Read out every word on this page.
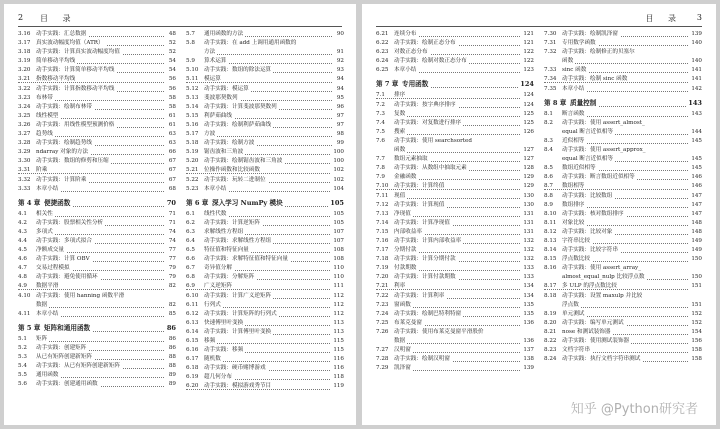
2 目 录
3.16 动手实践：汇总数据	48
3.17 真实波动幅度均值（ATR）	52
3.18 动手实践：计算真实波动幅度均值	52
3.19 简单移动平均线	54
3.20 动手实践：计算简单移动平均线	54
3.21 指数移动平均线	56
3.22 动手实践：计算指数移动平均线	56
3.23 布林带	58
3.24 动手实践：绘制布林带	58
3.25 线性模型	61
3.26 动手实践：用线性模型预测价格	61
3.27 趋势线	63
3.28 动手实践：绘制趋势线	63
3.29 ndarray 对象的方法	66
3.30 动手实践：数组的修剪和压缩	67
3.31 阶乘	67
3.32 动手实践：计算阶乘	67
3.33 本章小结	68
第 4 章 便捷函数	70
4.1 相关性	71
4.2 动手实践：股票相关性分析	71
4.3 多项式	74
4.4 动手实践：多项式拟合	74
4.5 净额成交量	77
4.6 动手实践：计算 OBV	77
4.7 交易过程模拟	79
4.8 动手实践：避免使用循环	79
4.9 数据平滑	82
4.10 动手实践：使用 hanning 函数平滑
数据	82
4.11 本章小结	85
第 5 章 矩阵和通用函数	86
5.1 矩阵	86
5.2 动手实践：创建矩阵	86
5.3 从已有矩阵创建新矩阵	88
5.4 动手实践：从已有矩阵创建新矩阵	88
5.5 通用函数	89
5.6 动手实践：创建通用函数	89
5.7 通用函数的方法	90
5.8 动手实践：在 add 上调用通用函数的
方法	91
5.9 算术运算	92
5.10 动手实践：数组的除法运算	93
5.11 模运算	94
5.12 动手实践：模运算	94
5.13 斐波那契数列	95
5.14 动手实践：计算斐波那契数列	96
5.15 利萨茹曲线	97
5.16 动手实践：绘制利萨茹曲线	97
5.17 方波	98
5.18 动手实践：绘制方波	99
5.19 锯齿波和三角波	100
5.20 动手实践：绘制锯齿波和三角波	100
5.21 位操作函数和比较函数	102
5.22 动手实践：玩转二进制位	102
5.23 本章小结	104
第 6 章 深入学习 NumPy 模块	105
6.1 线性代数	105
6.2 动手实践：计算逆矩阵	105
6.3 求解线性方程组	107
6.4 动手实践：求解线性方程组	107
6.5 特征值和特征向量	108
6.6 动手实践：求解特征值和特征向量	108
6.7 奇异值分解	110
6.8 动手实践：分解矩阵	110
6.9 广义逆矩阵	111
6.10 动手实践：计算广义逆矩阵	112
6.11 行列式	112
6.12 动手实践：计算矩阵的行列式	112
6.13 快速傅里叶变换	113
6.14 动手实践：计算傅里叶变换	113
6.15 移频	115
6.16 动手实践：移频	115
6.17 随机数	116
6.18 动手实践：硬币赌博游戏	116
6.19 超几何分布	118
6.20 动手实践：模拟游戏秀节目	119
目 录 3
6.21 连续分布	121
6.22 动手实践：绘制正态分布	121
6.23 对数正态分布	122
6.24 动手实践：绘制对数正态分布	122
6.25 本章小结	123
第 7 章 专用函数	124
7.1 排序	124
7.2 动手实践：按字典序排序	124
7.3 复数	125
7.4 动手实践：对复数进行排序	125
7.5 搜索	126
7.6 动手实践：使用 searchsorted
函数	127
7.7 数组元素抽取	127
7.8 动手实践：从数组中抽取元素	128
7.9 金融函数	129
7.10 动手实践：计算终值	129
7.11 现值	130
7.12 动手实践：计算现值	130
7.13 净现值	131
7.14 动手实践：计算净现值	131
7.15 内部收益率	131
7.16 动手实践：计算内部收益率	132
7.17 分期付款	132
7.18 动手实践：计算分期付款	132
7.19 付款期数	133
7.20 动手实践：计算付款期数	133
7.21 利率	134
7.22 动手实践：计算利率	134
7.23 窗函数	135
7.24 动手实践：绘制巴特利特窗	135
7.25 布莱克曼窗	136
7.26 动手实践：使用布莱克曼窗平滑股价
数据	136
7.27 汉明窗	137
7.28 动手实践：绘制汉明窗	138
7.29 凯泽窗	139
7.30 动手实践：绘制凯泽窗	139
7.31 专用数学函数	140
7.32 动手实践：绘制修正的贝塞尔
函数	140
7.33 sinc 函数	141
7.34 动手实践：绘制 sinc 函数	141
7.35 本章小结	142
第 8 章 质量控制	143
8.1 断言函数	143
8.2 动手实践：使用 assert_almost_
equal 断言近似相等	144
8.3 近似相等	145
8.4 动手实践：使用 assert_approx_
equal 断言近似相等	145
8.5 数组近似相等	145
8.6 动手实践：断言数组近似相等	146
8.7 数组相等	146
8.8 动手实践：比较数组	147
8.9 数组排序	147
8.10 动手实践：核对数组排序	147
8.11 对象比较	148
8.12 动手实践：比较对象	148
8.13 字符串比较	149
8.14 动手实践：比较字符串	149
8.15 浮点数比较	150
8.16 动手实践：使用 assert_array_
almost_equal_nulp 比较浮点数	150
8.17 多 ULP 的浮点数比较	151
8.18 动手实践：设置 maxulp 并比较
浮点数	151
8.19 单元测试	152
8.20 动手实践：编写单元测试	152
8.21 nose 和测试装饰器	154
8.22 动手实践：使用测试装饰器	156
8.23 文档字符串	158
8.24 动手实践：执行文档字符串测试	158
知乎 @Python研究者
